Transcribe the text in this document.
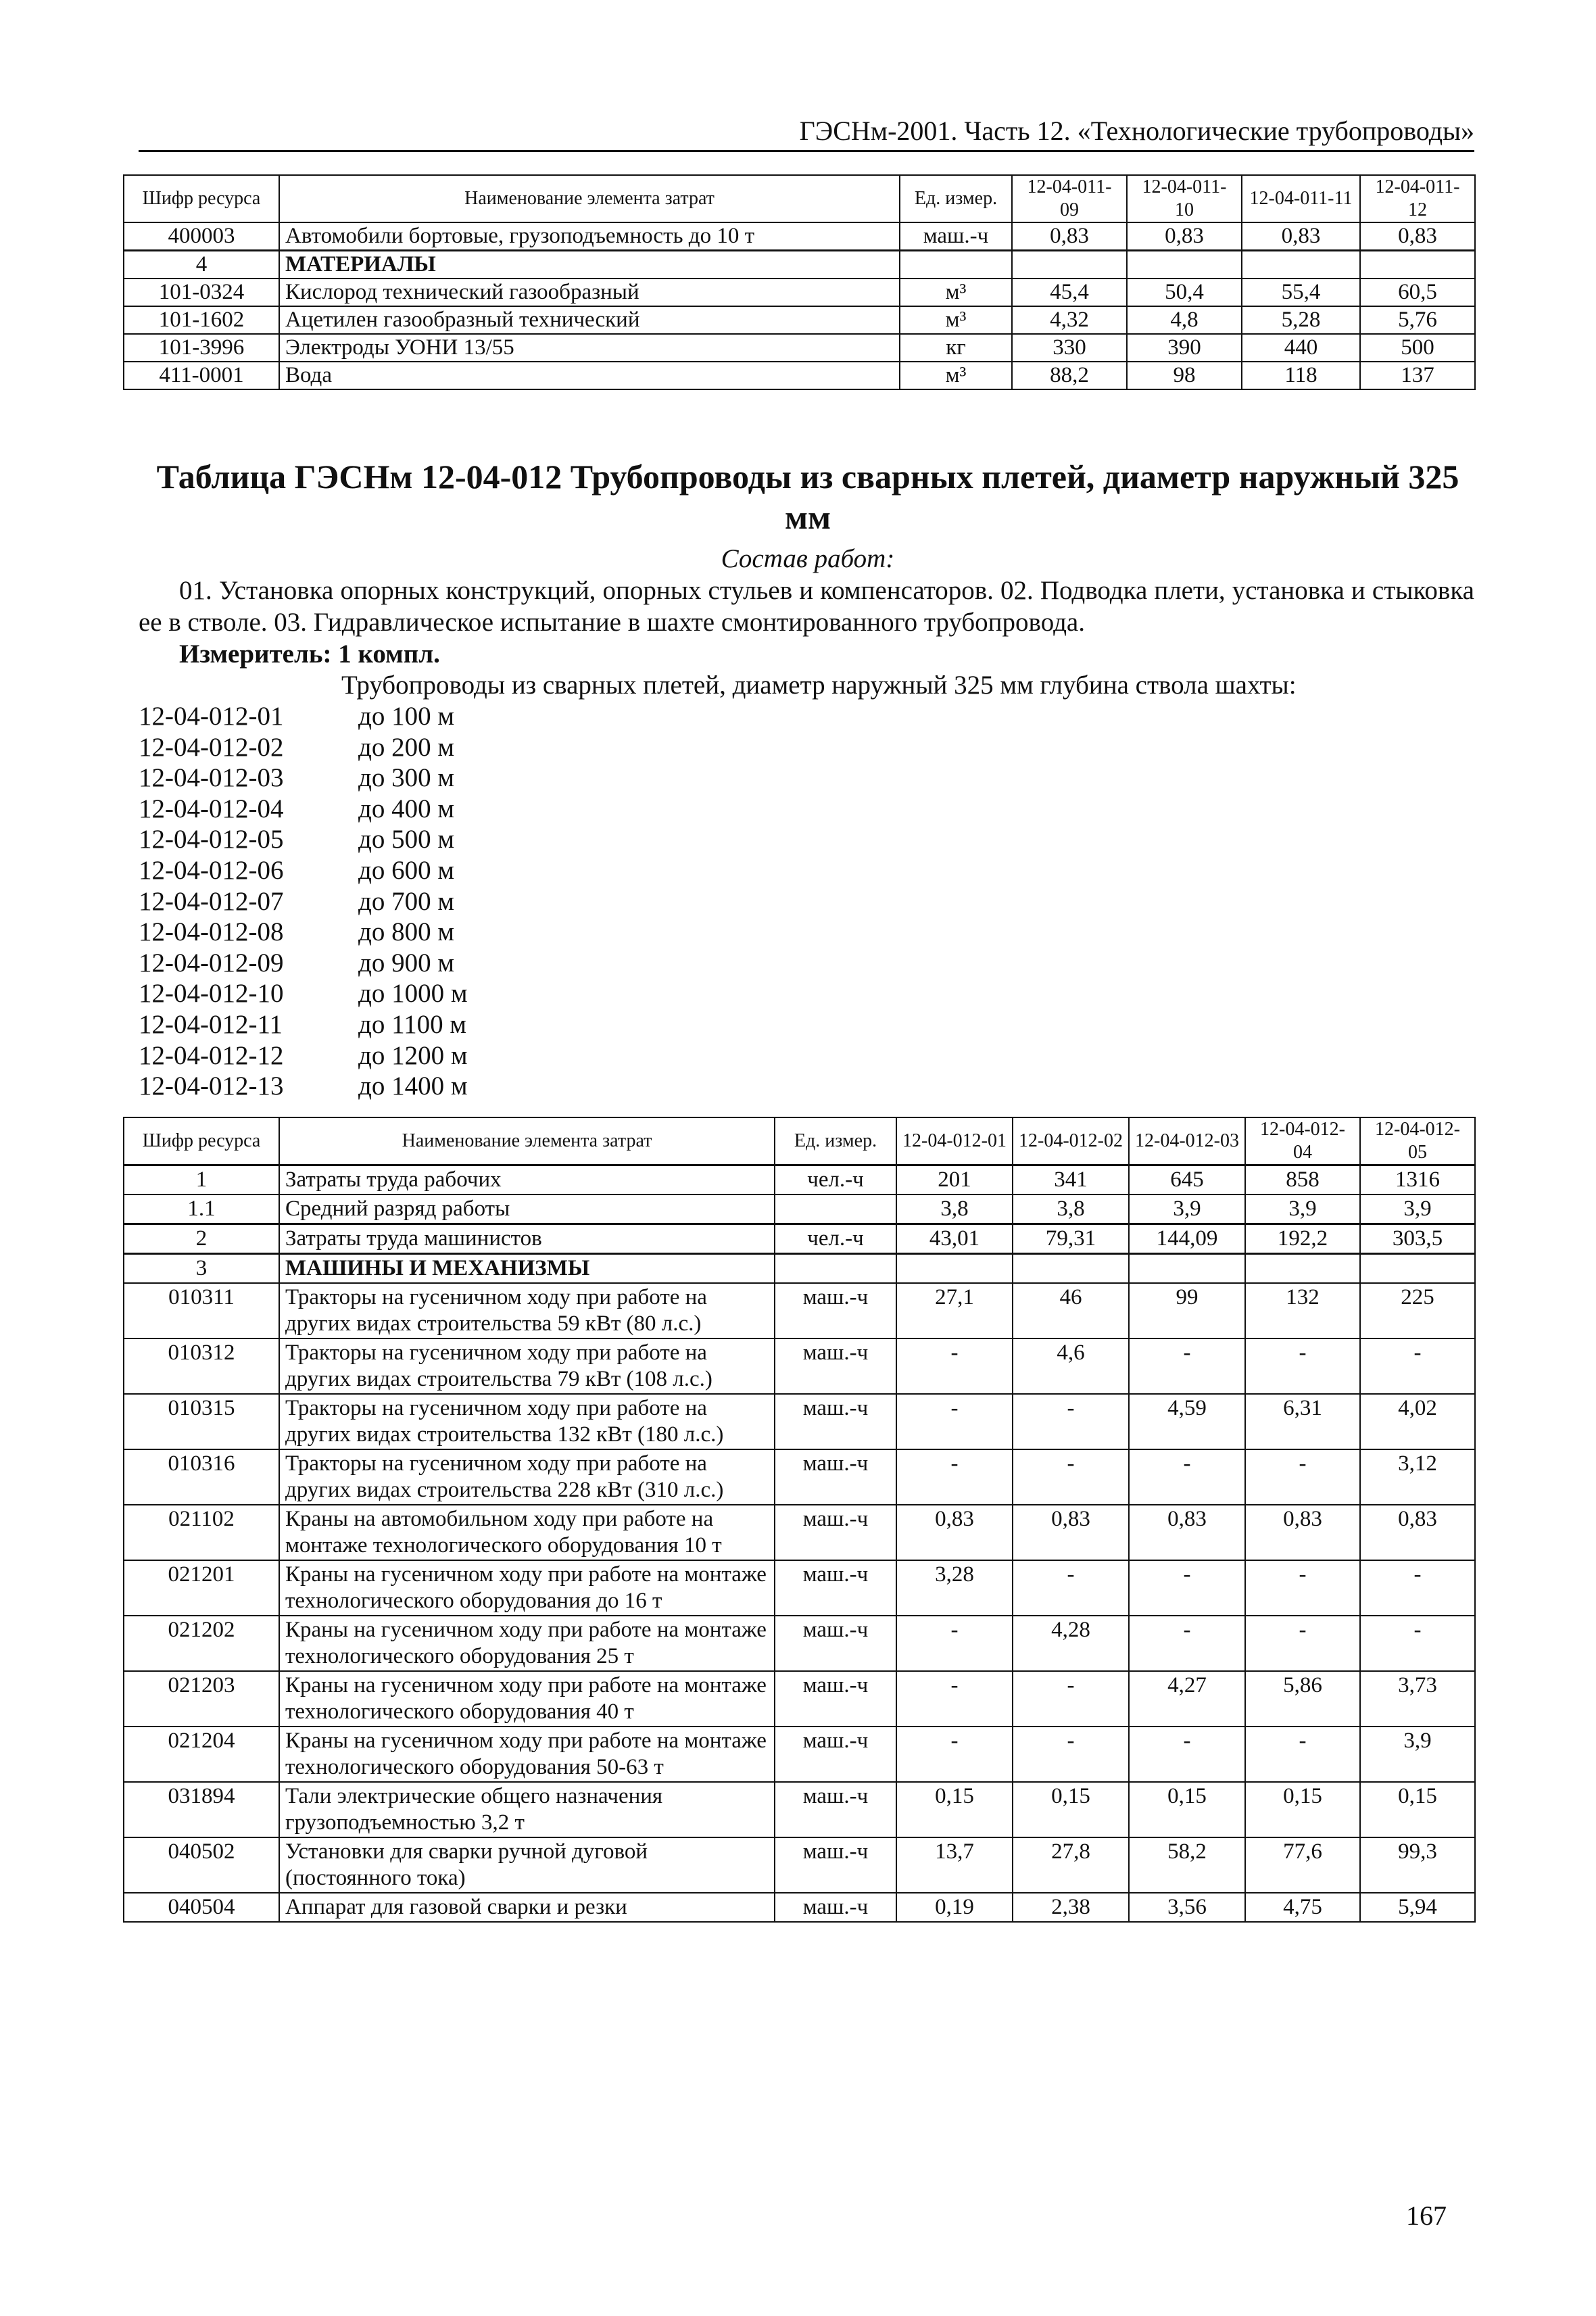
ГЭСНм-2001. Часть 12. «Технологические трубопроводы»
Шифр ресурса	Наименование элемента затрат	Ед. измер.	12-04-011-09	12-04-011-10	12-04-011-11	12-04-011-12
400003	Автомобили бортовые, грузоподъемность до 10 т	маш.-ч	0,83	0,83	0,83	0,83
4	МАТЕРИАЛЫ					
101-0324	Кислород технический газообразный	м³	45,4	50,4	55,4	60,5
101-1602	Ацетилен газообразный технический	м³	4,32	4,8	5,28	5,76
101-3996	Электроды УОНИ 13/55	кг	330	390	440	500
411-0001	Вода	м³	88,2	98	118	137
Таблица ГЭСНм 12-04-012 Трубопроводы из сварных плетей, диаметр наружный 325 мм
Состав работ:
01. Установка опорных конструкций, опорных стульев и компенсаторов. 02. Подводка плети, установка и стыковка ее в стволе. 03. Гидравлическое испытание в шахте смонтированного трубопровода.
Измеритель: 1 компл.
Трубопроводы из сварных плетей, диаметр наружный 325 мм глубина ствола шахты:
12-04-012-01	до 100 м
12-04-012-02	до 200 м
12-04-012-03	до 300 м
12-04-012-04	до 400 м
12-04-012-05	до 500 м
12-04-012-06	до 600 м
12-04-012-07	до 700 м
12-04-012-08	до 800 м
12-04-012-09	до 900 м
12-04-012-10	до 1000 м
12-04-012-11	до 1100 м
12-04-012-12	до 1200 м
12-04-012-13	до 1400 м
Шифр ресурса	Наименование элемента затрат	Ед. измер.	12-04-012-01	12-04-012-02	12-04-012-03	12-04-012-04	12-04-012-05
1	Затраты труда рабочих	чел.-ч	201	341	645	858	1316
1.1	Средний разряд работы		3,8	3,8	3,9	3,9	3,9
2	Затраты труда машинистов	чел.-ч	43,01	79,31	144,09	192,2	303,5
3	МАШИНЫ И МЕХАНИЗМЫ						
010311	Тракторы на гусеничном ходу при работе на других видах строительства 59 кВт (80 л.с.)	маш.-ч	27,1	46	99	132	225
010312	Тракторы на гусеничном ходу при работе на других видах строительства 79 кВт (108 л.с.)	маш.-ч	-	4,6	-	-	-
010315	Тракторы на гусеничном ходу при работе на других видах строительства 132 кВт (180 л.с.)	маш.-ч	-	-	4,59	6,31	4,02
010316	Тракторы на гусеничном ходу при работе на других видах строительства 228 кВт (310 л.с.)	маш.-ч	-	-	-	-	3,12
021102	Краны на автомобильном ходу при работе на монтаже технологического оборудования 10 т	маш.-ч	0,83	0,83	0,83	0,83	0,83
021201	Краны на гусеничном ходу при работе на монтаже технологического оборудования до 16 т	маш.-ч	3,28	-	-	-	-
021202	Краны на гусеничном ходу при работе на монтаже технологического оборудования 25 т	маш.-ч	-	4,28	-	-	-
021203	Краны на гусеничном ходу при работе на монтаже технологического оборудования 40 т	маш.-ч	-	-	4,27	5,86	3,73
021204	Краны на гусеничном ходу при работе на монтаже технологического оборудования 50-63 т	маш.-ч	-	-	-	-	3,9
031894	Тали электрические общего назначения грузоподъемностью 3,2 т	маш.-ч	0,15	0,15	0,15	0,15	0,15
040502	Установки для сварки ручной дуговой (постоянного тока)	маш.-ч	13,7	27,8	58,2	77,6	99,3
040504	Аппарат для газовой сварки и резки	маш.-ч	0,19	2,38	3,56	4,75	5,94
167
